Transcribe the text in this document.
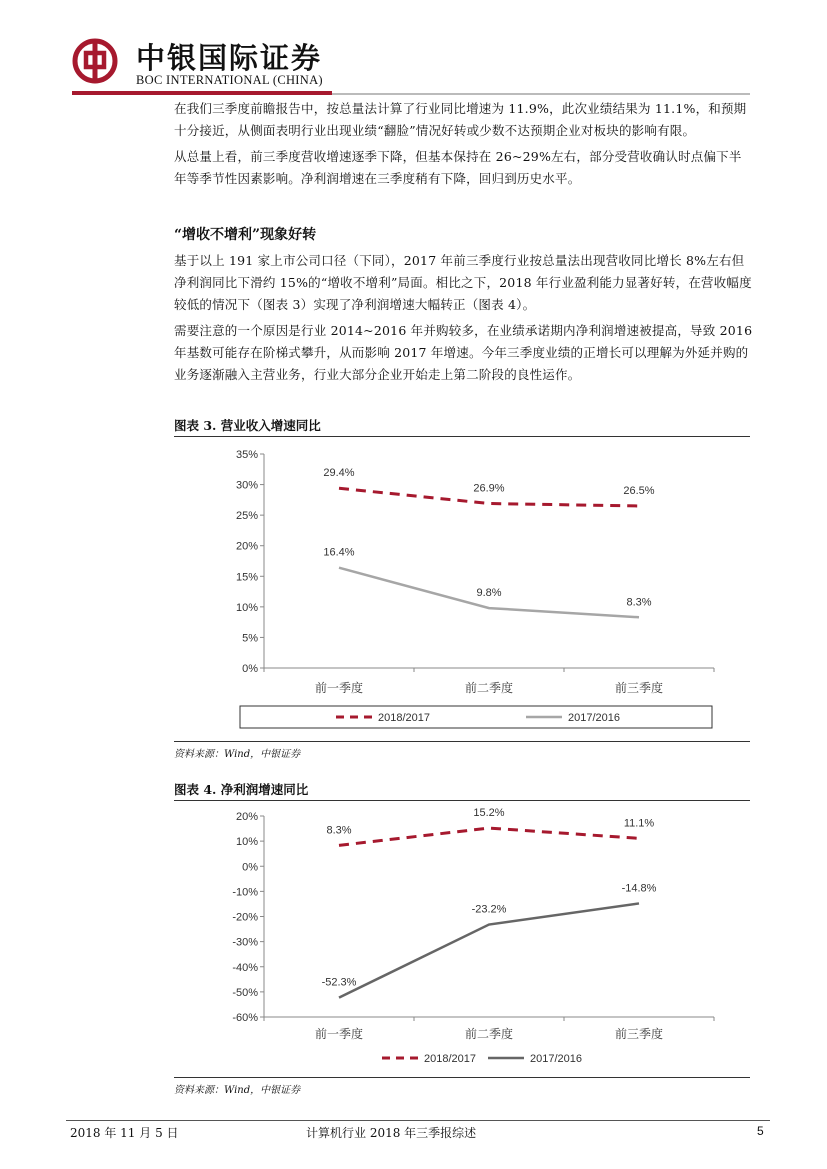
中银国际证券
BOC INTERNATIONAL (CHINA)

在我们三季度前瞻报告中，按总量法计算了行业同比增速为 11.9%，此次业绩结果为 11.1%，和预期十分接近，从侧面表明行业出现业绩“翻脸”情况好转或少数不达预期企业对板块的影响有限。

从总量上看，前三季度营收增速逐季下降，但基本保持在 26~29%左右，部分受营收确认时点偏下半年等季节性因素影响。净利润增速在三季度稍有下降，回归到历史水平。

“增收不增利”现象好转

基于以上 191 家上市公司口径（下同），2017 年前三季度行业按总量法出现营收同比增长 8%左右但净利润同比下滑约 15%的“增收不增利”局面。相比之下，2018 年行业盈利能力显著好转，在营收幅度较低的情况下（图表 3）实现了净利润增速大幅转正（图表 4）。

需要注意的一个原因是行业 2014~2016 年并购较多，在业绩承诺期内净利润增速被提高，导致 2016 年基数可能存在阶梯式攀升，从而影响 2017 年增速。今年三季度业绩的正增长可以理解为外延并购的业务逐渐融入主营业务，行业大部分企业开始走上第二阶段的良性运作。

图表 3. 营业收入增速同比
0%
5%
10%
15%
20%
25%
30%
35%
前一季度	前二季度	前三季度
29.4%
26.9%	26.5%
16.4%
9.8%
8.3%
2018/2017	2017/2016
资料来源：Wind，中银证券
图表 4. 净利润增速同比
-60%
-50%
-40%
-30%
-20%
-10%
0%
10%
20%
前一季度	前二季度	前三季度
8.3%
15.2%
11.1%
-52.3%
-23.2%
-14.8%
2018/2017	2017/2016
资料来源：Wind，中银证券
2018 年 11 月 5 日	计算机行业 2018 年三季报综述	5
